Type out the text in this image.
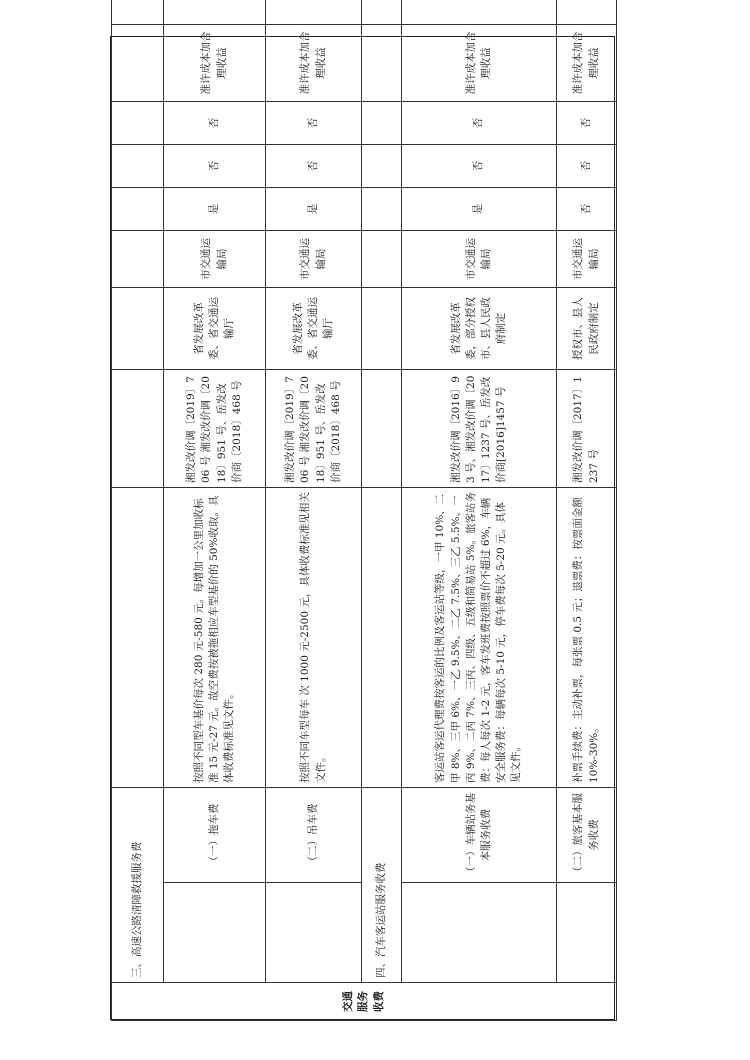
交通服务收费	三、高速公路清障救援服务费										
		（一）拖车费	按照不同型车基价每次 280 元-580 元。每增加一公里加收标准 15 元-27 元。故空费按被拖相应车型基价的 50%收取。具体收费标准见文件。	湘发改价调〔2019〕706 号 湘发改价调〔2018〕951 号、岳发改价商〔2018〕468 号	省发展改革委、省交通运输厅	市交通运输局	是	否	否	准许成本加合理收益	
		（二）吊车费	按照不同车型每车 次 1000 元-2500 元，具体收费标准见相关文件。	湘发改价调〔2019〕706 号 湘发改价调〔2018〕951 号、岳发改价商〔2018〕468 号	省发展改革委、省交通运输厅	市交通运输局	是	否	否	准许成本加合理收益	
	四、汽车客运站服务收费										
		（一）车辆站务基本服务收费	客运站客运代理费按客运的比例及客运站等级，一甲 10%、二甲 8%、三甲 6%、一乙 9.5%、二乙 7.5%、三乙 5.5%、一丙 9%、二丙 7%、三丙、四级、五级和简易站 5%。旅客站务费：每人每次 1-2 元，客车发班费按照票价不超过 6%，车辆安全服务费：每辆每次 5-10 元，停车费每次 5-20 元。具体见文件。	湘发改价调〔2016〕93 号、湘发改价调〔2017〕1237 号、岳发改价商[2016]1457 号	省发展改革委，部分授权市、县人民政府制定	市交通运输局	是	否	否	准许成本加合理收益	
		（二）旅客基本服务收费	补票手续费：主动补票，每张票 0.5 元；退票费：按票面金额 10%-30%。	湘发改价调〔2017〕1237 号	授权市、县人民政府制定	市交通运输局	否	否	否	准许成本加合理收益	
